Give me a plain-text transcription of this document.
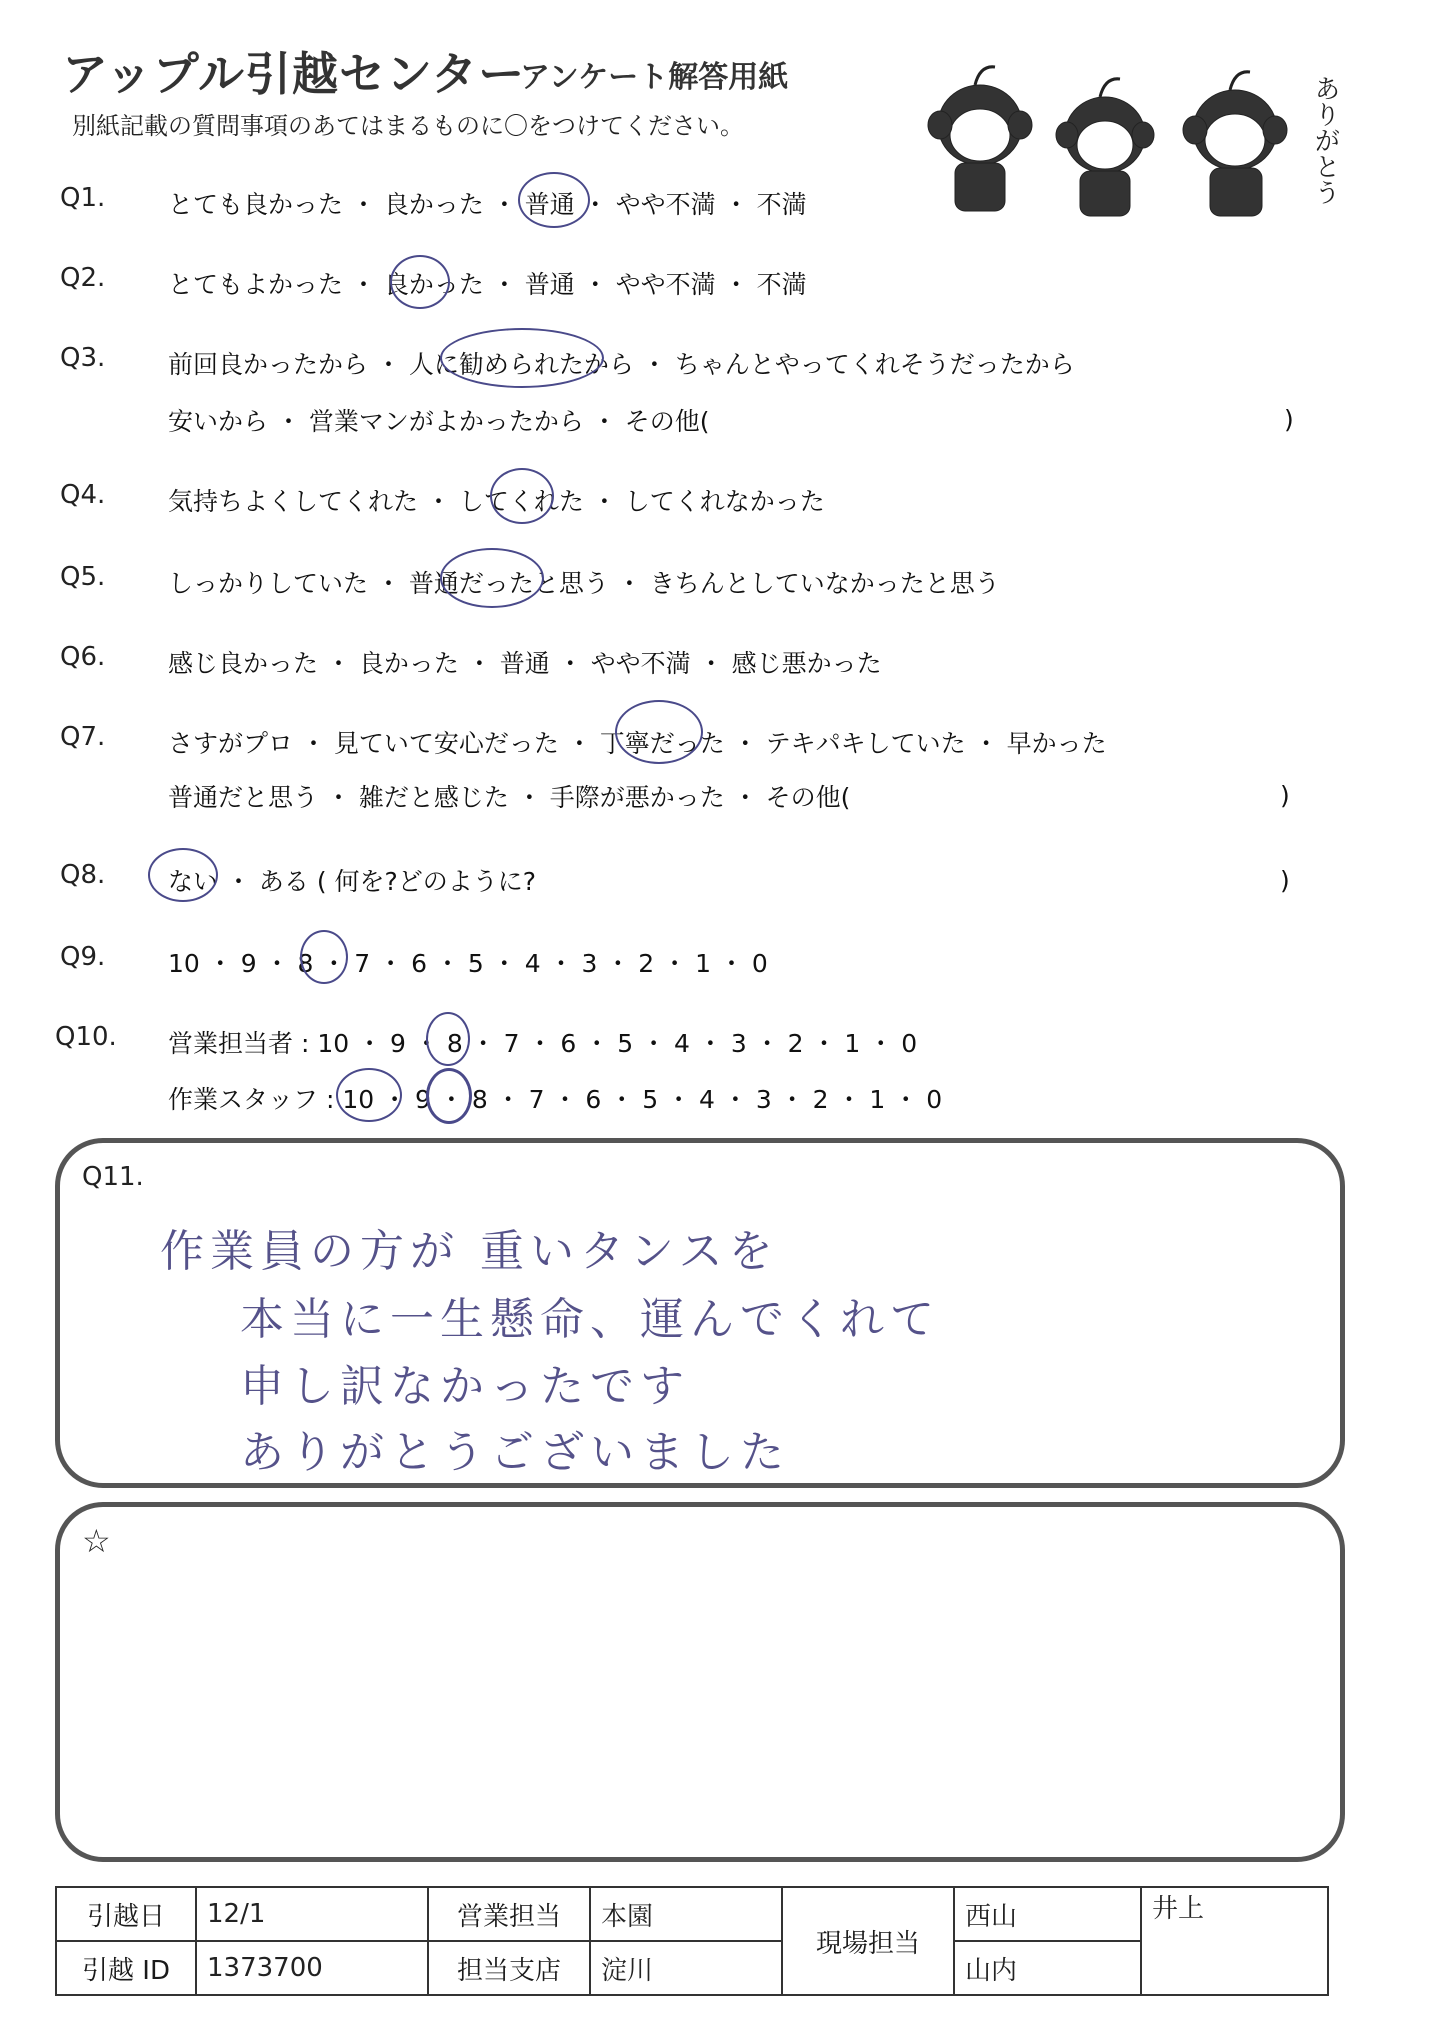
アップル引越センター
アンケート解答用紙
別紙記載の質問事項のあてはまるものに〇をつけてください。	ありがとう
Q1.	とても良かった ・ 良かった ・ 普通 ・ やや不満 ・ 不満
Q2.	とてもよかった ・ 良かった ・ 普通 ・ やや不満 ・ 不満
Q3.	前回良かったから ・ 人に勧められたから ・ ちゃんとやってくれそうだったから
安いから ・ 営業マンがよかったから ・ その他(	)
Q4.	気持ちよくしてくれた ・ してくれた ・ してくれなかった
Q5.	しっかりしていた ・ 普通だったと思う ・ きちんとしていなかったと思う
Q6.	感じ良かった ・ 良かった ・ 普通 ・ やや不満 ・ 感じ悪かった
Q7.	さすがプロ ・ 見ていて安心だった ・ 丁寧だった ・ テキパキしていた ・ 早かった
普通だと思う ・ 雑だと感じた ・ 手際が悪かった ・ その他(	)
Q8.	ない ・ ある ( 何を?どのように?	)
Q9.	10 ・ 9 ・ 8 ・ 7 ・ 6 ・ 5 ・ 4 ・ 3 ・ 2 ・ 1 ・ 0
Q10. 営業担当者 : 10 ・ 9 ・ 8 ・ 7 ・ 6 ・ 5 ・ 4 ・ 3 ・ 2 ・ 1 ・ 0
作業スタッフ : 10 ・ 9 ・ 8 ・ 7 ・ 6 ・ 5 ・ 4 ・ 3 ・ 2 ・ 1 ・ 0
Q11.
作業員の方が 重いタンスを
本当に一生懸命、運んでくれて
申し訳なかったです
ありがとうございました
☆
引越日	12/1	営業担当	本園	現場担当	西山	井上
引越 ID	1373700	担当支店	淀川		山内	
